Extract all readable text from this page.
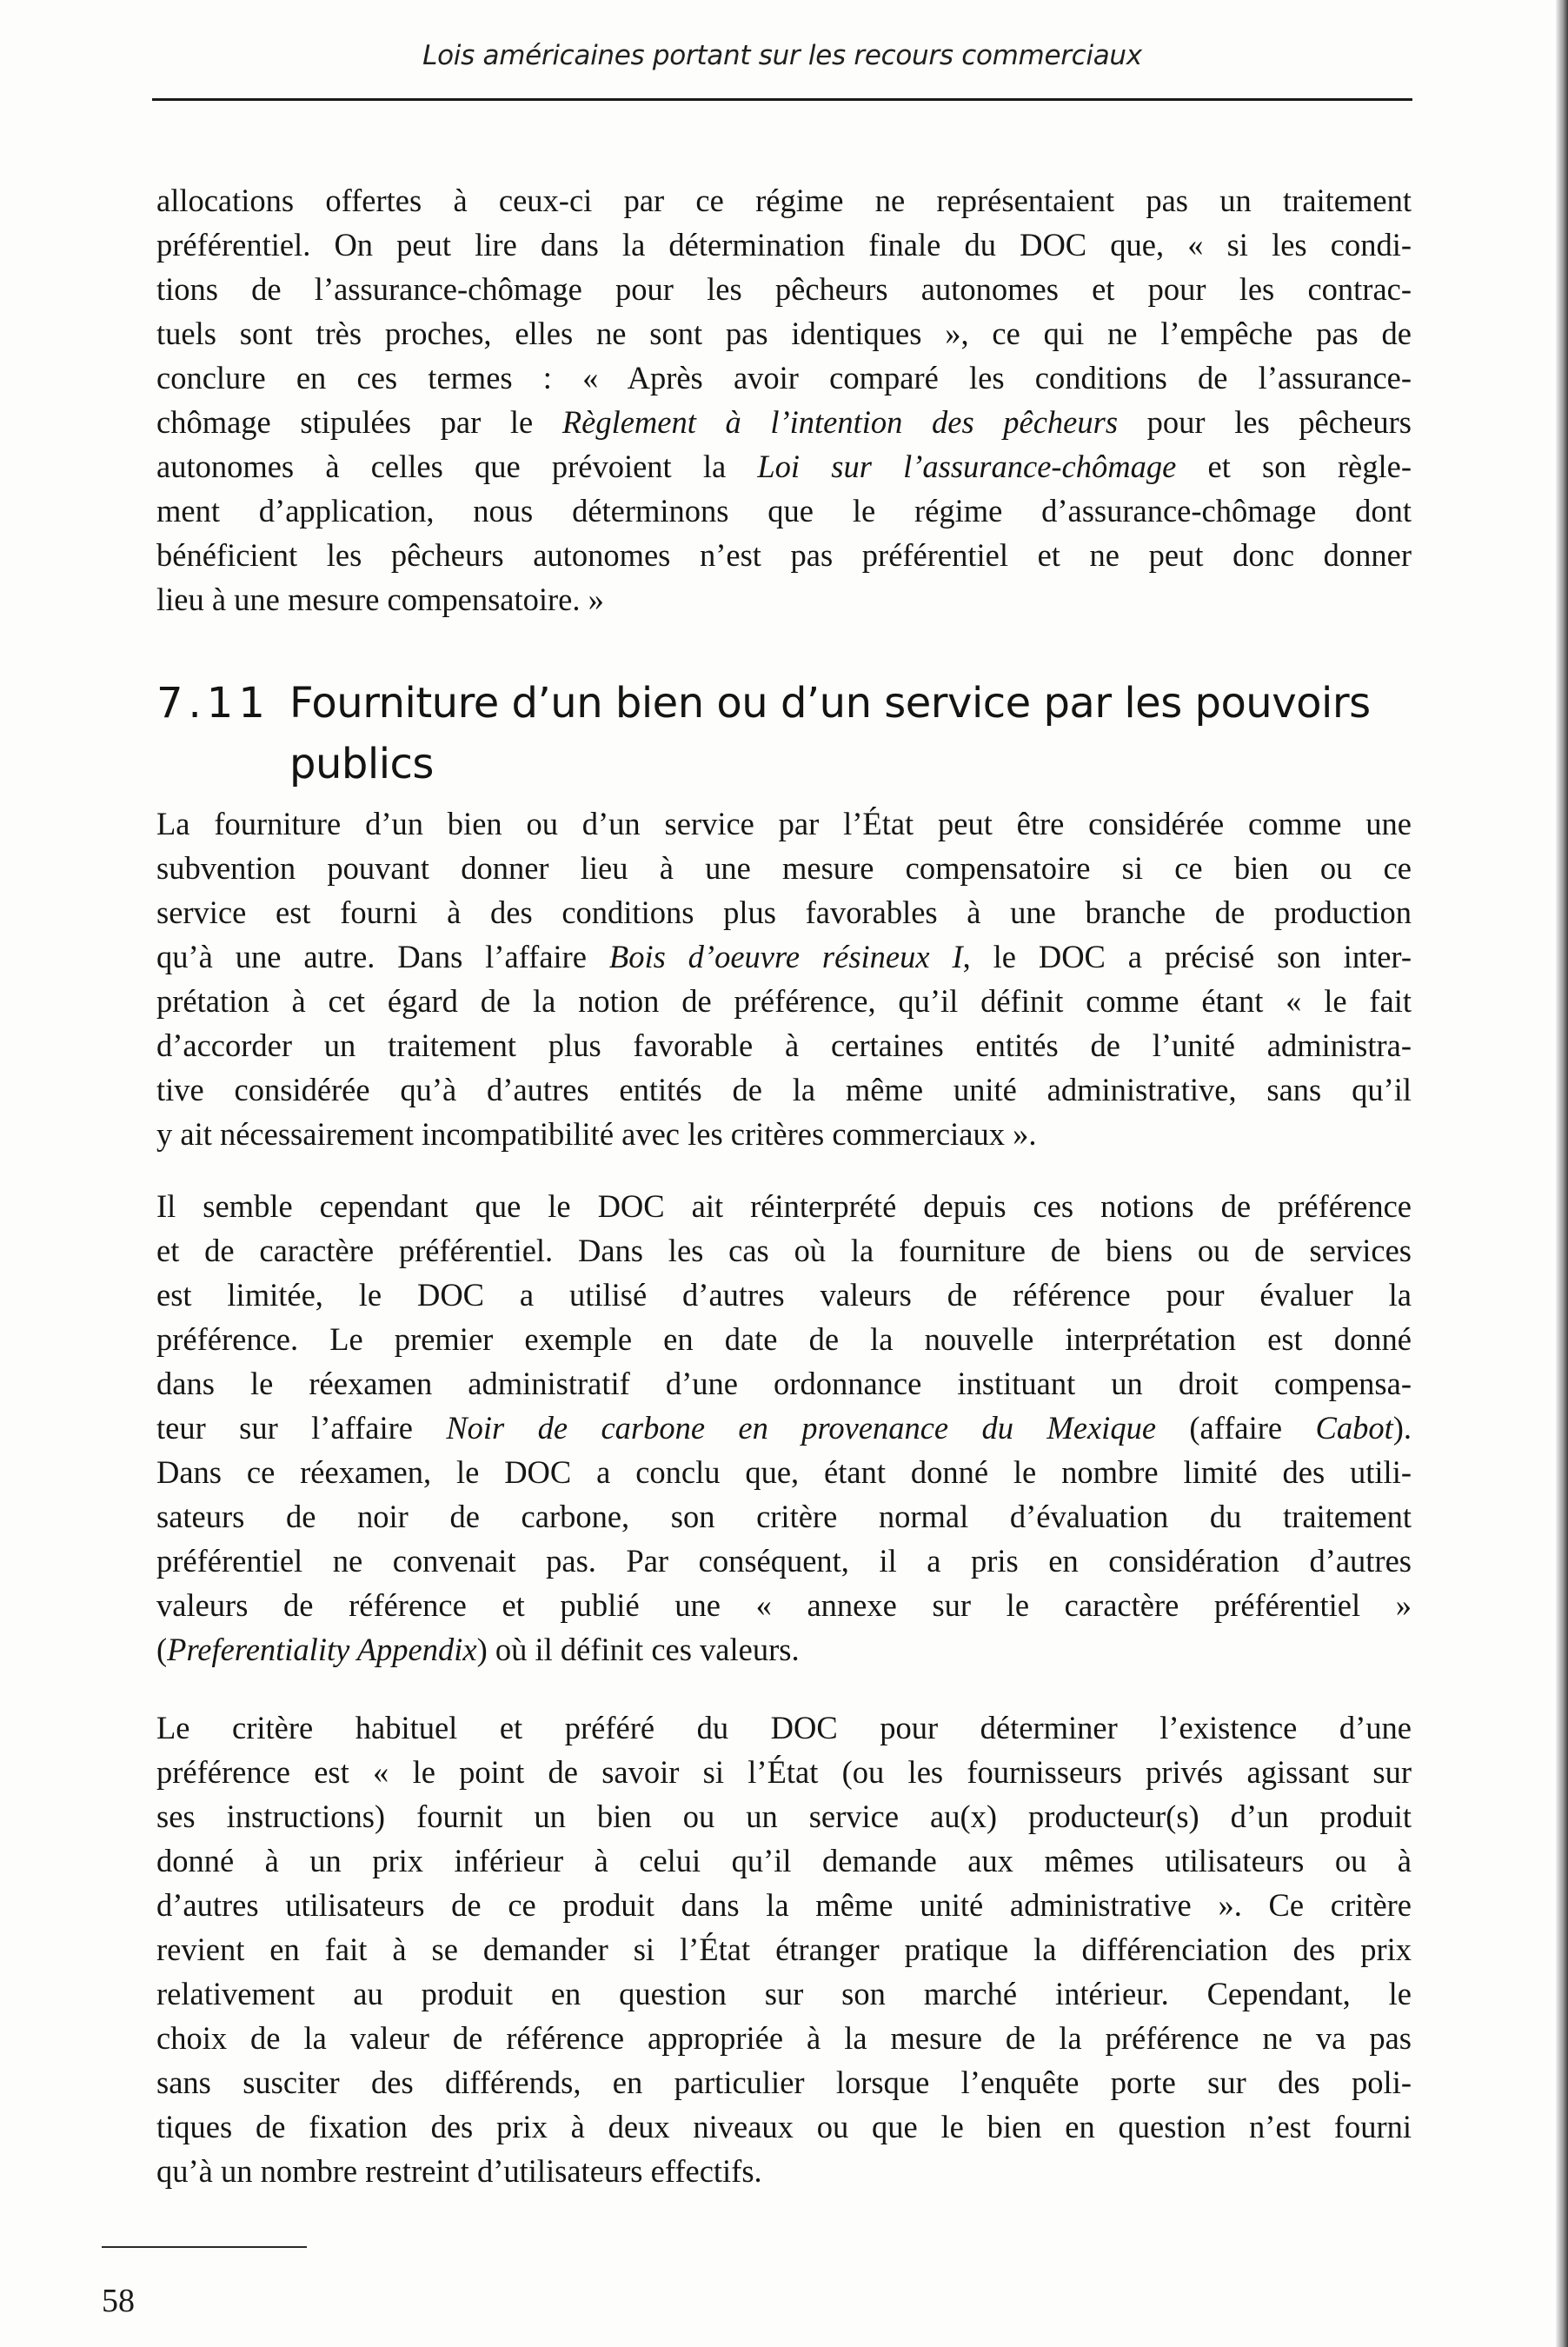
Lois américaines portant sur les recours commerciaux

allocations offertes à ceux-ci par ce régime ne représentaient pas un traitement
préférentiel. On peut lire dans la détermination finale du DOC que, « si les condi-
tions de l’assurance-chômage pour les pêcheurs autonomes et pour les contrac-
tuels sont très proches, elles ne sont pas identiques », ce qui ne l’empêche pas de
conclure en ces termes : « Après avoir comparé les conditions de l’assurance-
chômage stipulées par le Règlement à l’intention des pêcheurs pour les pêcheurs
autonomes à celles que prévoient la Loi sur l’assurance-chômage et son règle-
ment d’application, nous déterminons que le régime d’assurance-chômage dont
bénéficient les pêcheurs autonomes n’est pas préférentiel et ne peut donc donner
lieu à une mesure compensatoire. »

7.11 Fourniture d’un bien ou d’un service par les pouvoirs
publics

La fourniture d’un bien ou d’un service par l’État peut être considérée comme une
subvention pouvant donner lieu à une mesure compensatoire si ce bien ou ce
service est fourni à des conditions plus favorables à une branche de production
qu’à une autre. Dans l’affaire Bois d’oeuvre résineux I, le DOC a précisé son inter-
prétation à cet égard de la notion de préférence, qu’il définit comme étant « le fait
d’accorder un traitement plus favorable à certaines entités de l’unité administra-
tive considérée qu’à d’autres entités de la même unité administrative, sans qu’il
y ait nécessairement incompatibilité avec les critères commerciaux ».

Il semble cependant que le DOC ait réinterprété depuis ces notions de préférence
et de caractère préférentiel. Dans les cas où la fourniture de biens ou de services
est limitée, le DOC a utilisé d’autres valeurs de référence pour évaluer la
préférence. Le premier exemple en date de la nouvelle interprétation est donné
dans le réexamen administratif d’une ordonnance instituant un droit compensa-
teur sur l’affaire Noir de carbone en provenance du Mexique (affaire Cabot).
Dans ce réexamen, le DOC a conclu que, étant donné le nombre limité des utili-
sateurs de noir de carbone, son critère normal d’évaluation du traitement
préférentiel ne convenait pas. Par conséquent, il a pris en considération d’autres
valeurs de référence et publié une « annexe sur le caractère préférentiel »
(Preferentiality Appendix) où il définit ces valeurs.

Le critère habituel et préféré du DOC pour déterminer l’existence d’une
préférence est « le point de savoir si l’État (ou les fournisseurs privés agissant sur
ses instructions) fournit un bien ou un service au(x) producteur(s) d’un produit
donné à un prix inférieur à celui qu’il demande aux mêmes utilisateurs ou à
d’autres utilisateurs de ce produit dans la même unité administrative ». Ce critère
revient en fait à se demander si l’État étranger pratique la différenciation des prix
relativement au produit en question sur son marché intérieur. Cependant, le
choix de la valeur de référence appropriée à la mesure de la préférence ne va pas
sans susciter des différends, en particulier lorsque l’enquête porte sur des poli-
tiques de fixation des prix à deux niveaux ou que le bien en question n’est fourni
qu’à un nombre restreint d’utilisateurs effectifs.

58
